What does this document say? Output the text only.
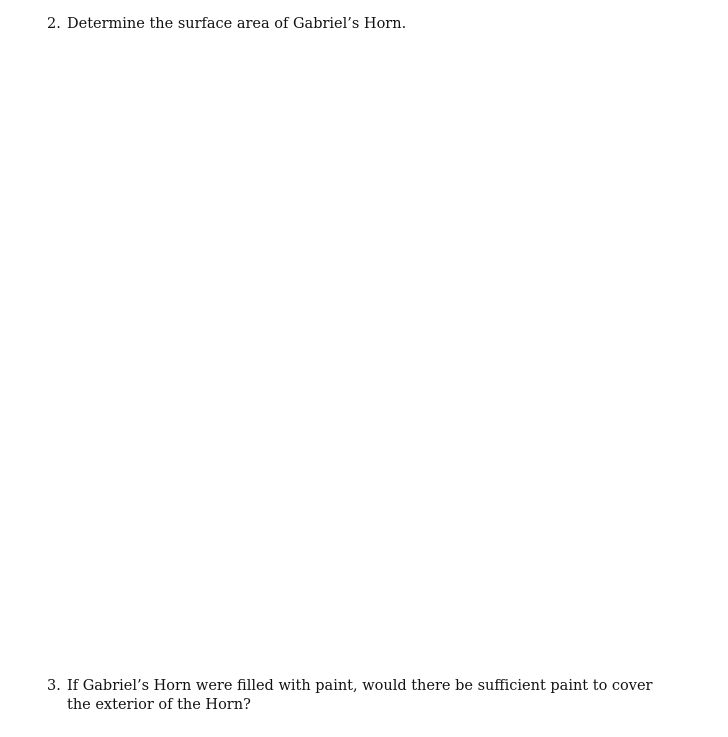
2. Determine the surface area of Gabriel’s Horn.
3. If Gabriel’s Horn were filled with paint, would there be sufficient paint to cover the exterior of the Horn?
